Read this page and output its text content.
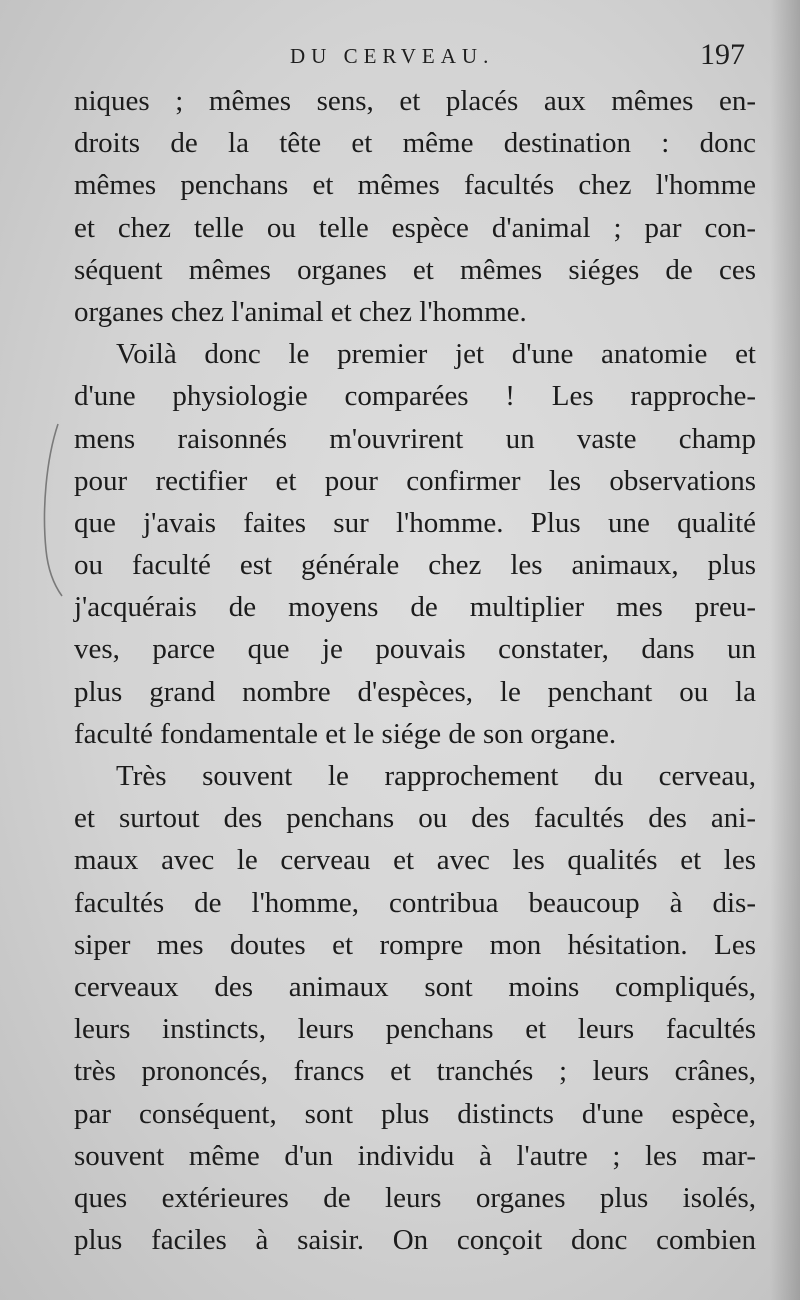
DU CERVEAU.	197
niques ; mêmes sens, et placés aux mêmes en-
droits de la tête et même destination : donc
mêmes penchans et mêmes facultés chez l'homme
et chez telle ou telle espèce d'animal ; par con-
séquent mêmes organes et mêmes siéges de ces
organes chez l'animal et chez l'homme.
Voilà donc le premier jet d'une anatomie et
d'une physiologie comparées ! Les rapproche-
mens raisonnés m'ouvrirent un vaste champ
pour rectifier et pour confirmer les observations
que j'avais faites sur l'homme. Plus une qualité
ou faculté est générale chez les animaux, plus
j'acquérais de moyens de multiplier mes preu-
ves, parce que je pouvais constater, dans un
plus grand nombre d'espèces, le penchant ou la
faculté fondamentale et le siége de son organe.
Très souvent le rapprochement du cerveau,
et surtout des penchans ou des facultés des ani-
maux avec le cerveau et avec les qualités et les
facultés de l'homme, contribua beaucoup à dis-
siper mes doutes et rompre mon hésitation. Les
cerveaux des animaux sont moins compliqués,
leurs instincts, leurs penchans et leurs facultés
très prononcés, francs et tranchés ; leurs crânes,
par conséquent, sont plus distincts d'une espèce,
souvent même d'un individu à l'autre ; les mar-
ques extérieures de leurs organes plus isolés,
plus faciles à saisir. On conçoit donc combien
